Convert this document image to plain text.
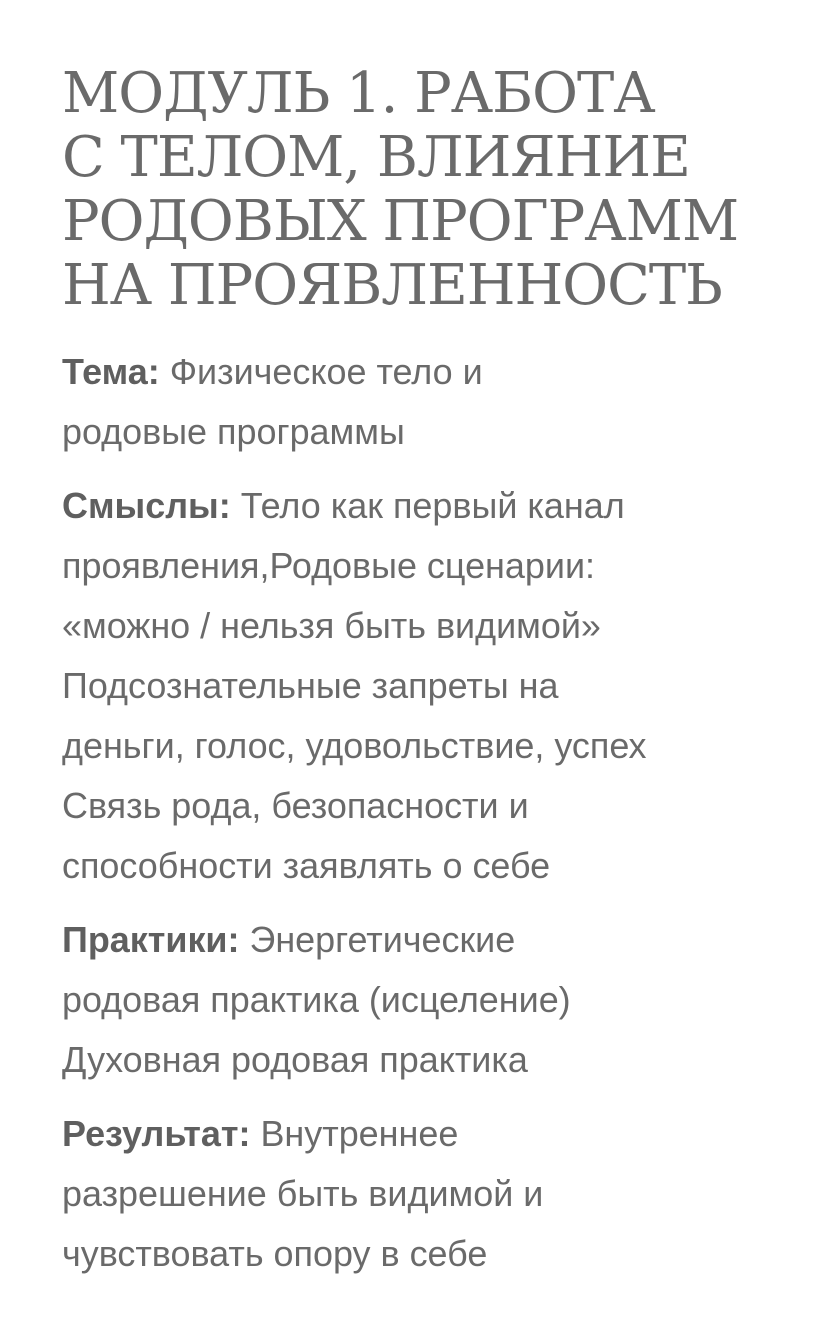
МОДУЛЬ 1. РАБОТА
С ТЕЛОМ, ВЛИЯНИЕ
РОДОВЫХ ПРОГРАММ
НА ПРОЯВЛЕННОСТЬ

Тема: Физическое тело и
родовые программы

Смыслы: Тело как первый канал
проявления,Родовые сценарии:
«можно / нельзя быть видимой»
Подсознательные запреты на
деньги, голос, удовольствие, успех
Связь рода, безопасности и
способности заявлять о себе

Практики: Энергетические
родовая практика (исцеление)
Духовная родовая практика

Результат: Внутреннее
разрешение быть видимой и
чувствовать опору в себе
